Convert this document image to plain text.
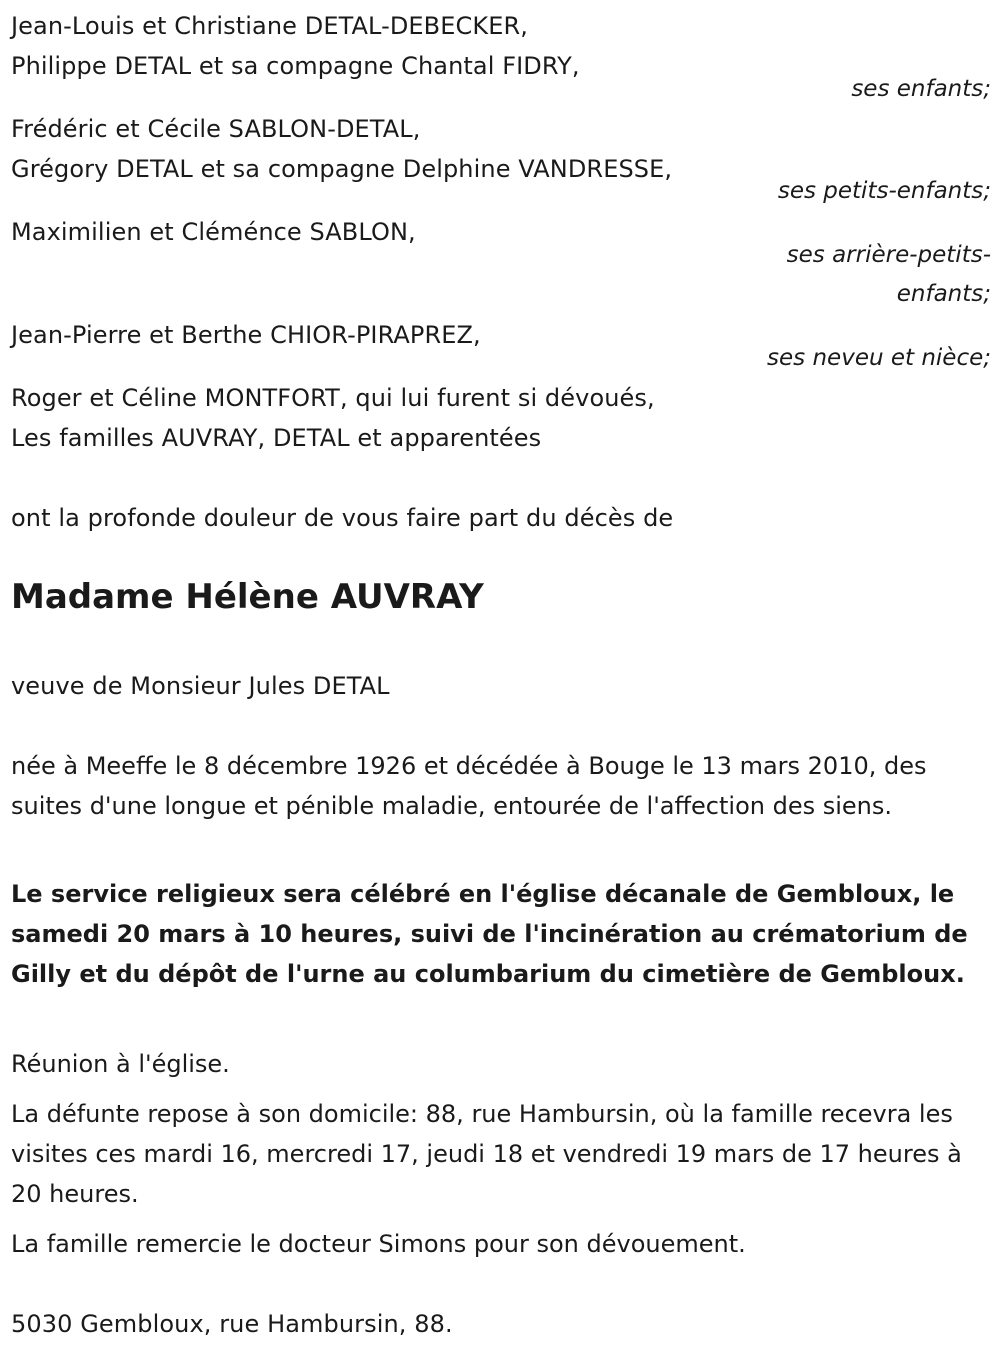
Jean-Louis et Christiane DETAL-DEBECKER,
Philippe DETAL et sa compagne Chantal FIDRY,
ses enfants;
Frédéric et Cécile SABLON-DETAL,
Grégory DETAL et sa compagne Delphine VANDRESSE,
ses petits-enfants;
Maximilien et Cléménce SABLON,
ses arrière-petits-
enfants;
Jean-Pierre et Berthe CHIOR-PIRAPREZ,
ses neveu et nièce;
Roger et Céline MONTFORT, qui lui furent si dévoués,
Les familles AUVRAY, DETAL et apparentées
ont la profonde douleur de vous faire part du décès de
Madame Hélène AUVRAY
veuve de Monsieur Jules DETAL

née à Meeffe le 8 décembre 1926 et décédée à Bouge le 13 mars 2010, des suites d'une longue et pénible maladie, entourée de l'affection des siens.

Le service religieux sera célébré en l'église décanale de Gembloux, le samedi 20 mars à 10 heures, suivi de l'incinération au crématorium de Gilly et du dépôt de l'urne au columbarium du cimetière de Gembloux.

Réunion à l'église.

La défunte repose à son domicile: 88, rue Hambursin, où la famille recevra les visites ces mardi 16, mercredi 17, jeudi 18 et vendredi 19 mars de 17 heures à 20 heures.

La famille remercie le docteur Simons pour son dévouement.

5030 Gembloux, rue Hambursin, 88.
